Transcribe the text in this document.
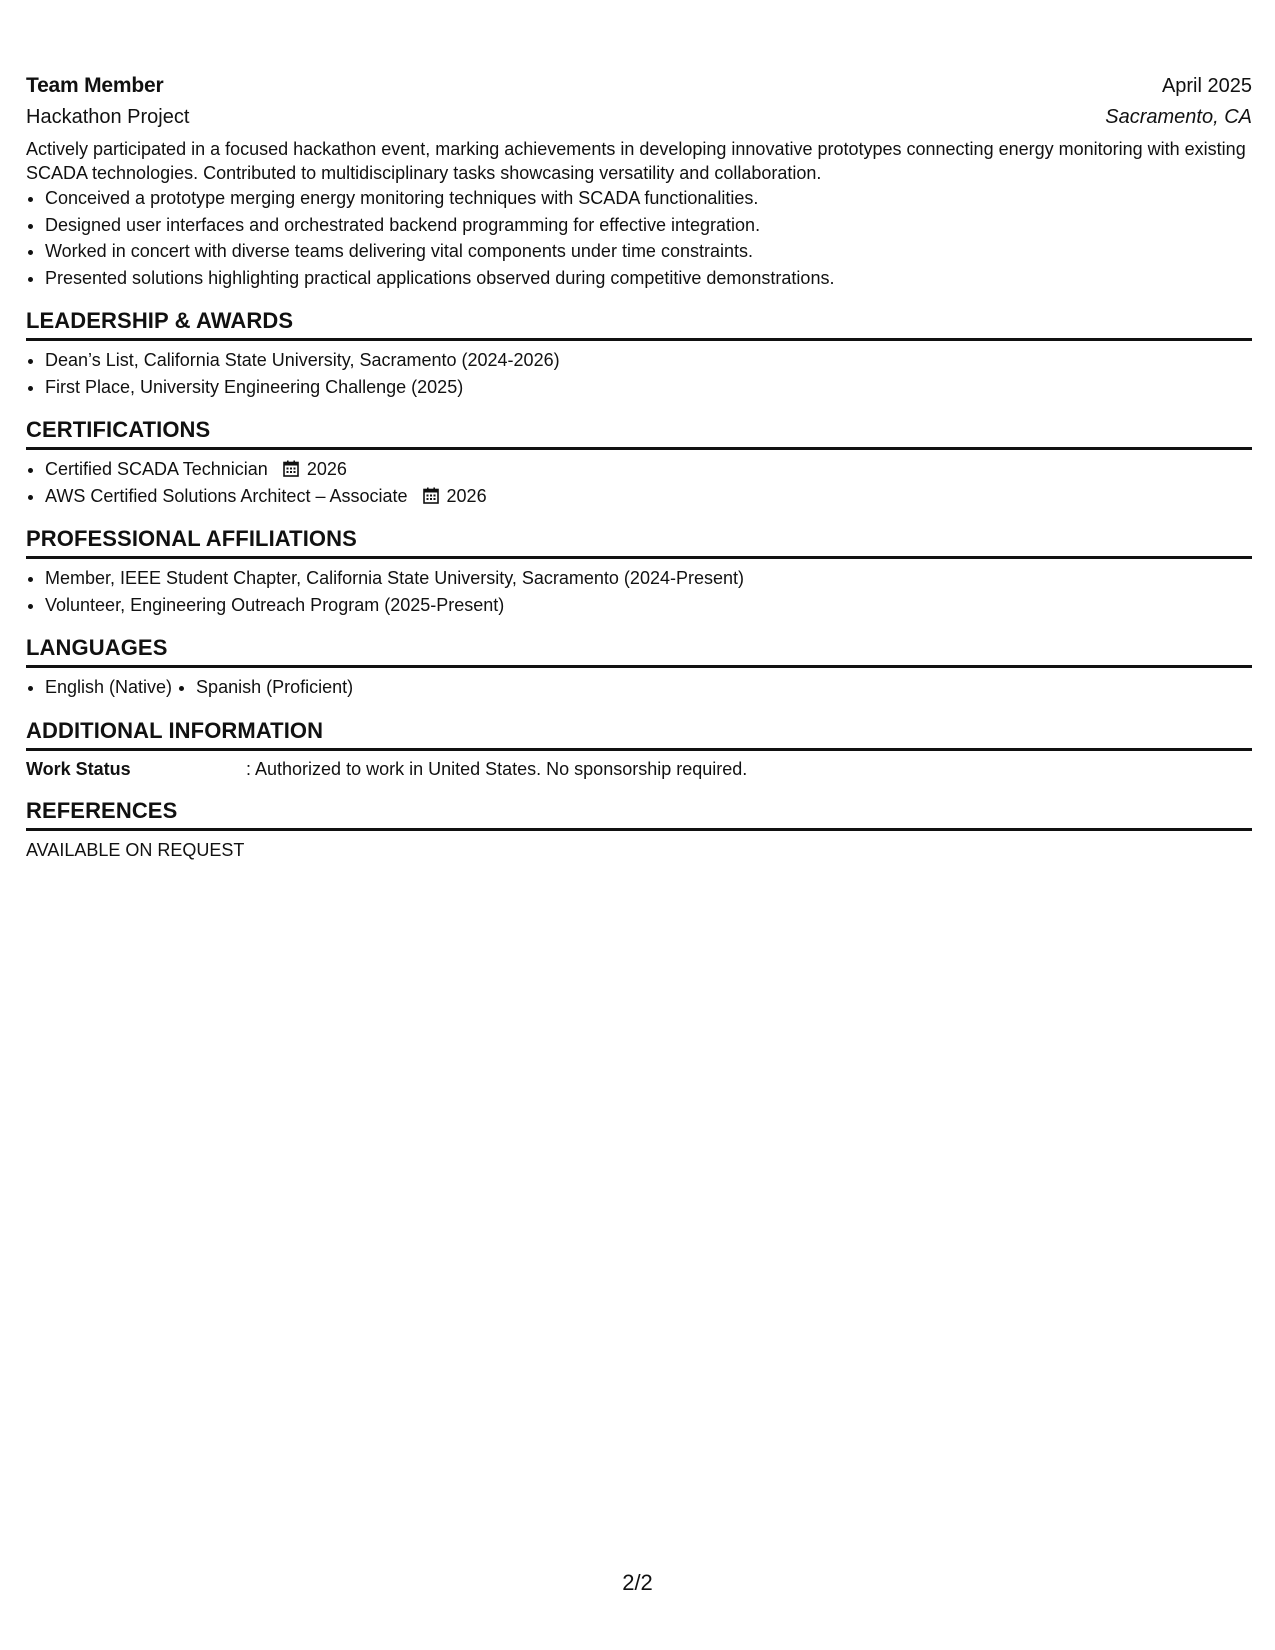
Team Member	April 2025
Hackathon Project	Sacramento, CA

Actively participated in a focused hackathon event, marking achievements in developing innovative prototypes connecting energy monitoring with existing SCADA technologies. Contributed to multidisciplinary tasks showcasing versatility and collaboration.

• Conceived a prototype merging energy monitoring techniques with SCADA functionalities.
• Designed user interfaces and orchestrated backend programming for effective integration.
• Worked in concert with diverse teams delivering vital components under time constraints.
• Presented solutions highlighting practical applications observed during competitive demonstrations.
LEADERSHIP & AWARDS
• Dean’s List, California State University, Sacramento (2024-2026)
• First Place, University Engineering Challenge (2025)
CERTIFICATIONS
• Certified SCADA Technician 2026
• AWS Certified Solutions Architect – Associate 2026
PROFESSIONAL AFFILIATIONS
• Member, IEEE Student Chapter, California State University, Sacramento (2024-Present)
• Volunteer, Engineering Outreach Program (2025-Present)
LANGUAGES
• English (Native)
• Spanish (Proficient)
ADDITIONAL INFORMATION
Work Status	: Authorized to work in United States. No sponsorship required.
REFERENCES
AVAILABLE ON REQUEST
2/2
